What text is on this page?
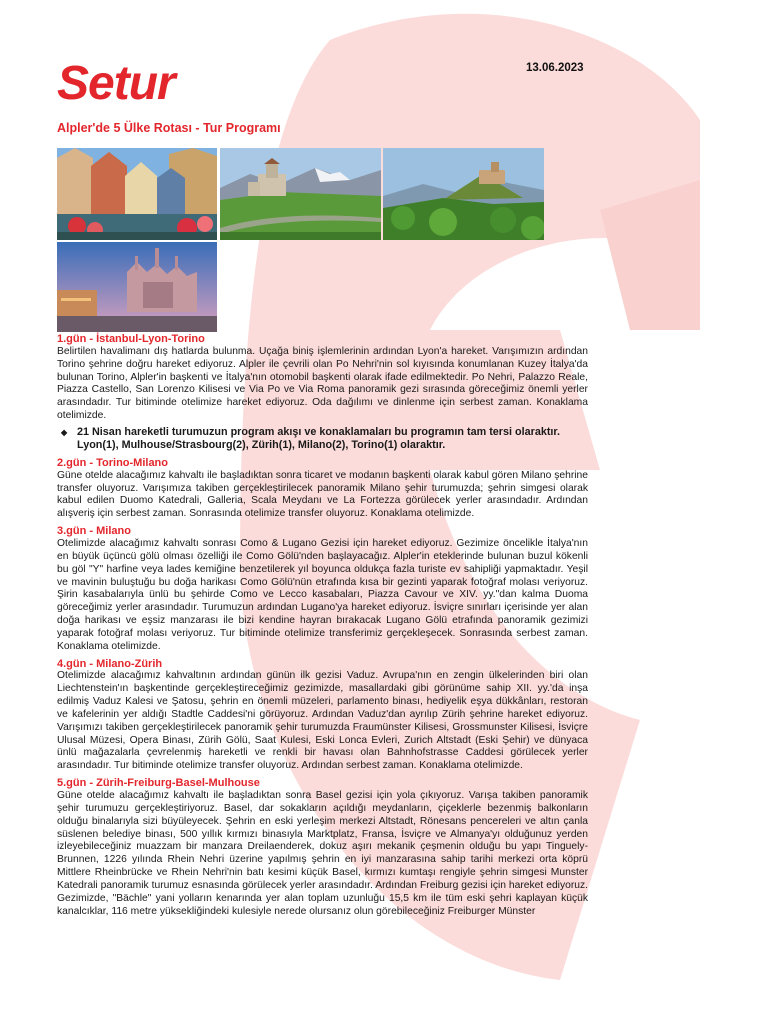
Setur	13.06.2023
Alpler'de 5 Ülke Rotası - Tur Programı
1.gün - İstanbul-Lyon-Torino
Belirtilen havalimanı dış hatlarda bulunma. Uçağa biniş işlemlerinin ardından Lyon'a hareket. Varışımızın ardından Torino şehrine doğru hareket ediyoruz. Alpler ile çevrili olan Po Nehri'nin sol kıyısında konumlanan Kuzey İtalya'da bulunan Torino, Alpler'in başkenti ve İtalya'nın otomobil başkenti olarak ifade edilmektedir. Po Nehri, Palazzo Reale, Piazza Castello, San Lorenzo Kilisesi ve Via Po ve Via Roma panoramik gezi sırasında göreceğimiz önemli yerler arasındadır. Tur bitiminde otelimize hareket ediyoruz. Oda dağılımı ve dinlenme için serbest zaman. Konaklama otelimizde.
◆ 21 Nisan hareketli turumuzun program akışı ve konaklamaları bu programın tam tersi olaraktır. Lyon(1), Mulhouse/Strasbourg(2), Zürih(1), Milano(2), Torino(1) olaraktır.
2.gün - Torino-Milano
Güne otelde alacağımız kahvaltı ile başladıktan sonra ticaret ve modanın başkenti olarak kabul gören Milano şehrine transfer oluyoruz. Varışımıza takiben gerçekleştirilecek panoramik Milano şehir turumuzda; şehrin simgesi olarak kabul edilen Duomo Katedrali, Galleria, Scala Meydanı ve La Fortezza görülecek yerler arasındadır. Ardından alışveriş için serbest zaman. Sonrasında otelimize transfer oluyoruz. Konaklama otelimizde.
3.gün - Milano
Otelimizde alacağımız kahvaltı sonrası Como & Lugano Gezisi için hareket ediyoruz. Gezimize öncelikle İtalya'nın en büyük üçüncü gölü olması özelliği ile Como Gölü'nden başlayacağız. Alpler'in eteklerinde bulunan buzul kökenli bu göl "Y" harfine veya lades kemiğine benzetilerek yıl boyunca oldukça fazla turiste ev sahipliği yapmaktadır. Yeşil ve mavinin buluştuğu bu doğa harikası Como Gölü'nün etrafında kısa bir gezinti yaparak fotoğraf molası veriyoruz. Şirin kasabalarıyla ünlü bu şehirde Como ve Lecco kasabaları, Piazza Cavour ve XIV. yy."dan kalma Duoma göreceğimiz yerler arasındadır. Turumuzun ardından Lugano'ya hareket ediyoruz. İsviçre sınırları içerisinde yer alan doğa harikası ve eşsiz manzarası ile bizi kendine hayran bırakacak Lugano Gölü etrafında panoramik gezimizi yaparak fotoğraf molası veriyoruz. Tur bitiminde otelimize transferimiz gerçekleşecek. Sonrasında serbest zaman. Konaklama otelimizde.
4.gün - Milano-Zürih
Otelimizde alacağımız kahvaltının ardından günün ilk gezisi Vaduz. Avrupa'nın en zengin ülkelerinden biri olan Liechtenstein'ın başkentinde gerçekleştireceğimiz gezimizde, masallardaki gibi görünüme sahip XII. yy.'da inşa edilmiş Vaduz Kalesi ve Şatosu, şehrin en önemli müzeleri, parlamento binası, hediyelik eşya dükkânları, restoran ve kafelerinin yer aldığı Stadtle Caddesi'ni görüyoruz. Ardından Vaduz'dan ayrılıp Zürih şehrine hareket ediyoruz. Varışımızı takiben gerçekleştirilecek panoramik şehir turumuzda Fraumünster Kilisesi, Grossmunster Kilisesi, İsviçre Ulusal Müzesi, Opera Binası, Zürih Gölü, Saat Kulesi, Eski Lonca Evleri, Zurich Altstadt (Eski Şehir) ve dünyaca ünlü mağazalarla çevrelenmiş hareketli ve renkli bir havası olan Bahnhofstrasse Caddesi görülecek yerler arasındadır. Tur bitiminde otelimize transfer oluyoruz. Ardından serbest zaman. Konaklama otelimizde.
5.gün - Zürih-Freiburg-Basel-Mulhouse
Güne otelde alacağımız kahvaltı ile başladıktan sonra Basel gezisi için yola çıkıyoruz. Varışa takiben panoramik şehir turumuzu gerçekleştiriyoruz. Basel, dar sokakların açıldığı meydanların, çiçeklerle bezenmiş balkonların olduğu binalarıyla sizi büyüleyecek. Şehrin en eski yerleşim merkezi Altstadt, Rönesans pencereleri ve altın çanla süslenen belediye binası, 500 yıllık kırmızı binasıyla Marktplatz, Fransa, İsviçre ve Almanya'yı olduğunuz yerden izleyebileceğiniz muazzam bir manzara Dreilaenderek, dokuz aşırı mekanik çeşmenin olduğu bu yapı Tinguely-Brunnen, 1226 yılında Rhein Nehri üzerine yapılmış şehrin en iyi manzarasına sahip tarihi merkezi orta köprü Mittlere Rheinbrücke ve Rhein Nehri'nin batı kesimi küçük Basel, kırmızı kumtaşı rengiyle şehrin simgesi Munster Katedrali panoramik turumuz esnasında görülecek yerler arasındadır. Ardından Freiburg gezisi için hareket ediyoruz. Gezimizde, "Bächle" yani yolların kenarında yer alan toplam uzunluğu 15,5 km ile tüm eski şehri kaplayan küçük kanalcıklar, 116 metre yüksekliğindeki kulesiyle nerede olursanız olun görebileceğiniz Freiburger Münster
